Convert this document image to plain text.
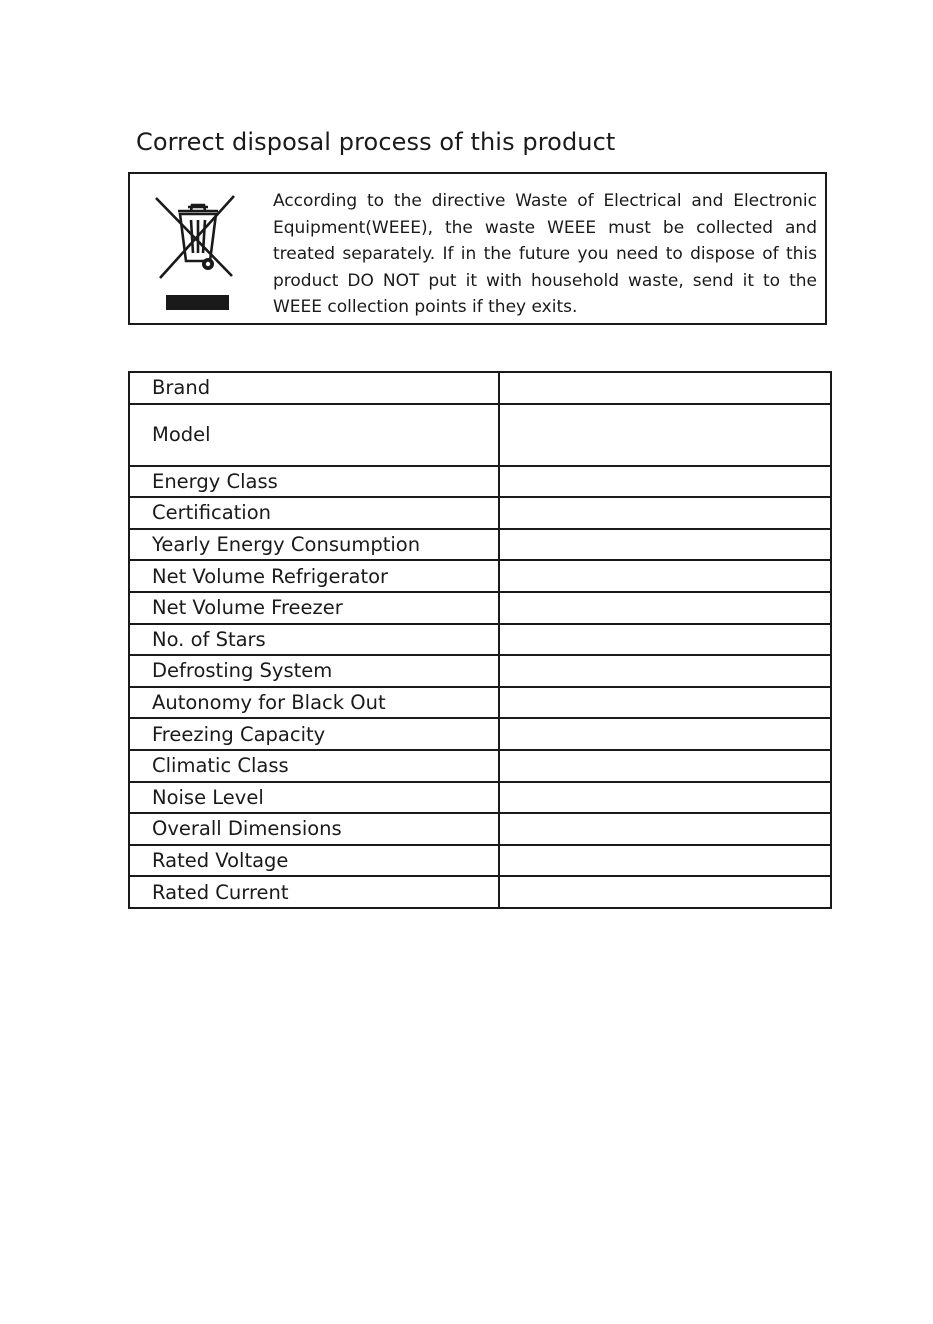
Correct disposal process of this product

According to the directive Waste of Electrical and Electronic Equipment(WEEE), the waste WEEE must be collected and treated separately. If in the future you need to dispose of this product DO NOT put it with household waste, send it to the WEEE collection points if they exits.

Brand	
Model	
Energy Class	
Certification	
Yearly Energy Consumption	
Net Volume Refrigerator	
Net Volume Freezer	
No. of Stars	
Defrosting System	
Autonomy for Black Out	
Freezing Capacity	
Climatic Class	
Noise Level	
Overall Dimensions	
Rated Voltage	
Rated Current	
